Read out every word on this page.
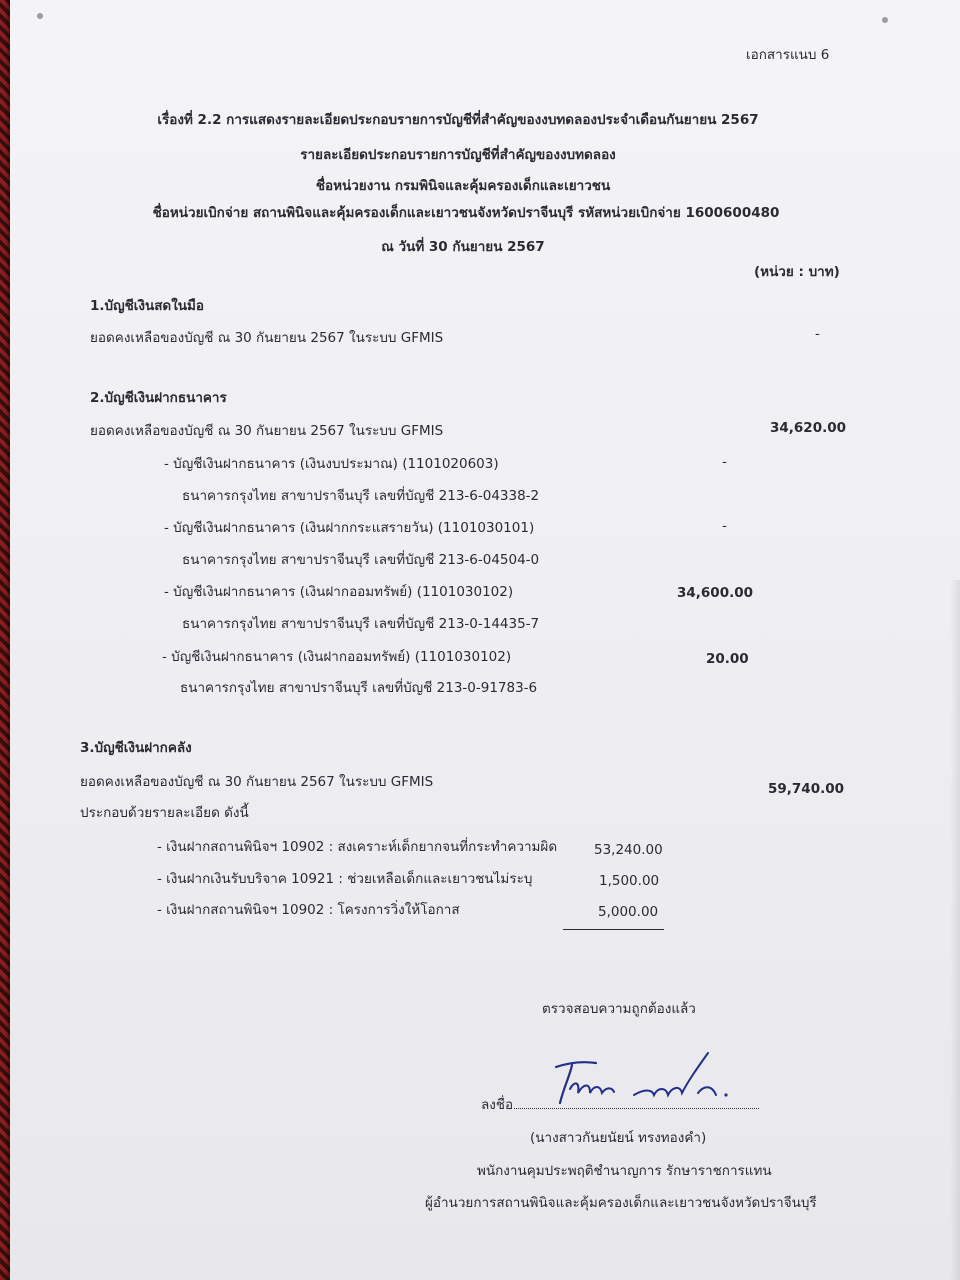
เอกสารแนบ 6
เรื่องที่ 2.2 การแสดงรายละเอียดประกอบรายการบัญชีที่สำคัญของงบทดลองประจำเดือนกันยายน 2567
รายละเอียดประกอบรายการบัญชีที่สำคัญของงบทดลอง
ชื่อหน่วยงาน กรมพินิจและคุ้มครองเด็กและเยาวชน
ชื่อหน่วยเบิกจ่าย สถานพินิจและคุ้มครองเด็กและเยาวชนจังหวัดปราจีนบุรี รหัสหน่วยเบิกจ่าย 1600600480
ณ วันที่ 30 กันยายน 2567
(หน่วย : บาท)
1.บัญชีเงินสดในมือ
ยอดคงเหลือของบัญชี ณ 30 กันยายน 2567 ในระบบ GFMIS	-
2.บัญชีเงินฝากธนาคาร
ยอดคงเหลือของบัญชี ณ 30 กันยายน 2567 ในระบบ GFMIS	34,620.00
- บัญชีเงินฝากธนาคาร (เงินงบประมาณ) (1101020603)	-
ธนาคารกรุงไทย สาขาปราจีนบุรี เลขที่บัญชี 213-6-04338-2
- บัญชีเงินฝากธนาคาร (เงินฝากกระแสรายวัน) (1101030101)	-
ธนาคารกรุงไทย สาขาปราจีนบุรี เลขที่บัญชี 213-6-04504-0
- บัญชีเงินฝากธนาคาร (เงินฝากออมทรัพย์) (1101030102)	34,600.00
ธนาคารกรุงไทย สาขาปราจีนบุรี เลขที่บัญชี 213-0-14435-7
- บัญชีเงินฝากธนาคาร (เงินฝากออมทรัพย์) (1101030102)	20.00
ธนาคารกรุงไทย สาขาปราจีนบุรี เลขที่บัญชี 213-0-91783-6
3.บัญชีเงินฝากคลัง
ยอดคงเหลือของบัญชี ณ 30 กันยายน 2567 ในระบบ GFMIS	59,740.00
ประกอบด้วยรายละเอียด ดังนี้
- เงินฝากสถานพินิจฯ 10902 : สงเคราะห์เด็กยากจนที่กระทำความผิด	53,240.00
- เงินฝากเงินรับบริจาค 10921 : ช่วยเหลือเด็กและเยาวชนไม่ระบุ	1,500.00
- เงินฝากสถานพินิจฯ 10902 : โครงการวิ่งให้โอกาส	5,000.00
ตรวจสอบความถูกต้องแล้ว
ลงชื่อ
(นางสาวกันยนัยน์ ทรงทองคำ)
พนักงานคุมประพฤติชำนาญการ รักษาราชการแทน
ผู้อำนวยการสถานพินิจและคุ้มครองเด็กและเยาวชนจังหวัดปราจีนบุรี
